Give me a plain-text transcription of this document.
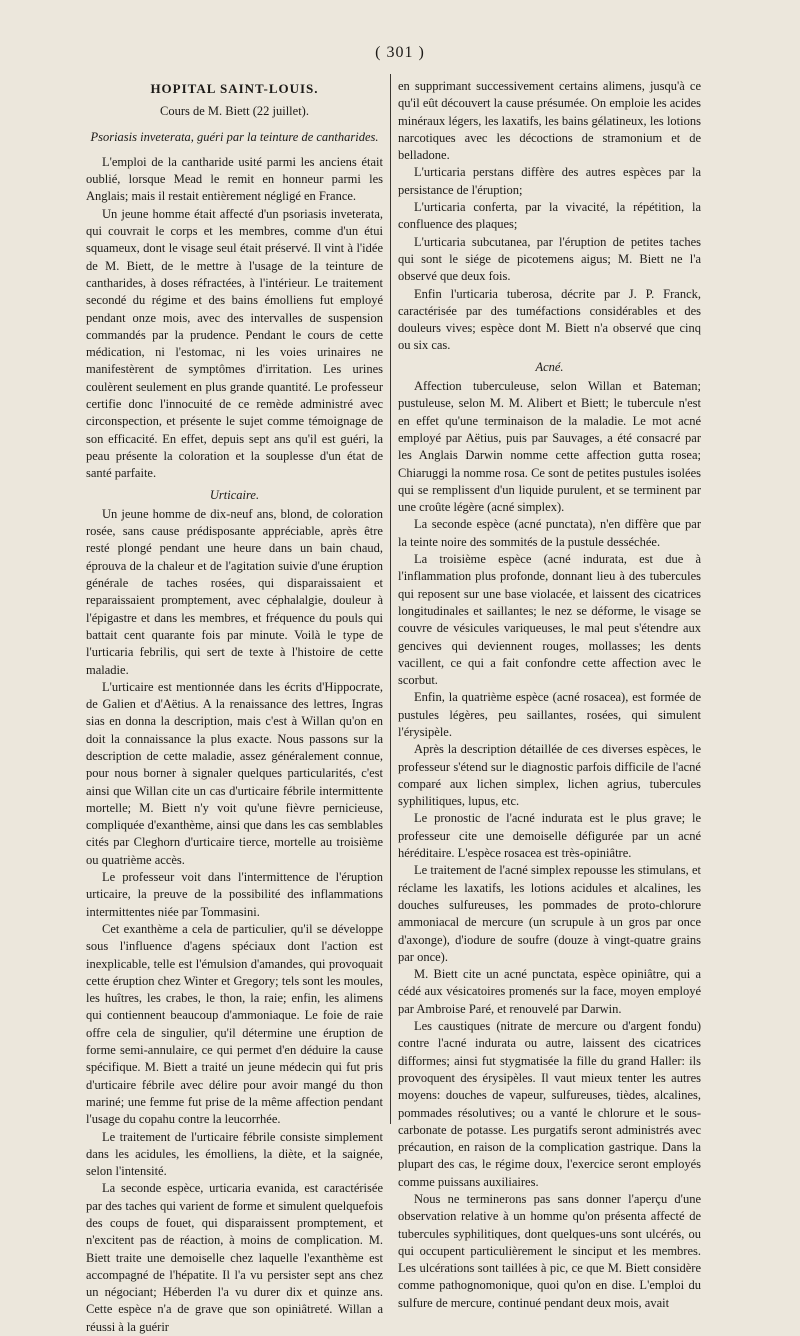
( 301 )
HOPITAL SAINT-LOUIS.
Cours de M. Biett (22 juillet).
Psoriasis inveterata, guéri par la teinture de cantharides.

L'emploi de la cantharide usité parmi les anciens était oublié, lorsque Mead le remit en honneur parmi les Anglais; mais il restait entièrement négligé en France.

Un jeune homme était affecté d'un psoriasis inveterata, qui couvrait le corps et les membres, comme d'un étui squameux, dont le visage seul était préservé. Il vint à l'idée de M. Biett, de le mettre à l'usage de la teinture de cantharides, à doses réfractées, à l'intérieur. Le traitement secondé du régime et des bains émolliens fut employé pendant onze mois, avec des intervalles de suspension commandés par la prudence. Pendant le cours de cette médication, ni l'estomac, ni les voies urinaires ne manifestèrent de symptômes d'irritation. Les urines coulèrent seulement en plus grande quantité. Le professeur certifie donc l'innocuité de ce remède administré avec circonspection, et présente le sujet comme témoignage de son efficacité. En effet, depuis sept ans qu'il est guéri, la peau présente la coloration et la souplesse d'un état de santé parfaite.

Urticaire.

Un jeune homme de dix-neuf ans, blond, de coloration rosée, sans cause prédisposante appréciable, après être resté plongé pendant une heure dans un bain chaud, éprouva de la chaleur et de l'agitation suivie d'une éruption générale de taches rosées, qui disparaissaient et reparaissaient promptement, avec céphalalgie, douleur à l'épigastre et dans les membres, et fréquence du pouls qui battait cent quarante fois par minute. Voilà le type de l'urticaria febrilis, qui sert de texte à l'histoire de cette maladie.

L'urticaire est mentionnée dans les écrits d'Hippocrate, de Galien et d'Aëtius. A la renaissance des lettres, Ingras sias en donna la description, mais c'est à Willan qu'on en doit la connaissance la plus exacte. Nous passons sur la description de cette maladie, assez généralement connue, pour nous borner à signaler quelques particularités, c'est ainsi que Willan cite un cas d'urticaire fébrile intermittente mortelle; M. Biett n'y voit qu'une fièvre pernicieuse, compliquée d'exanthème, ainsi que dans les cas semblables cités par Cleghorn d'urticaire tierce, mortelle au troisième ou quatrième accès.

Le professeur voit dans l'intermittence de l'éruption urticaire, la preuve de la possibilité des inflammations intermittentes niée par Tommasini.

Cet exanthème a cela de particulier, qu'il se développe sous l'influence d'agens spéciaux dont l'action est inexplicable, telle est l'émulsion d'amandes, qui provoquait cette éruption chez Winter et Gregory; tels sont les moules, les huîtres, les crabes, le thon, la raie; enfin, les alimens qui contiennent beaucoup d'ammoniaque. Le foie de raie offre cela de singulier, qu'il détermine une éruption de forme semi-annulaire, ce qui permet d'en déduire la cause spécifique. M. Biett a traité un jeune médecin qui fut pris d'urticaire fébrile avec délire pour avoir mangé du thon mariné; une femme fut prise de la même affection pendant l'usage du copahu contre la leucorrhée.

Le traitement de l'urticaire fébrile consiste simplement dans les acidules, les émolliens, la diète, et la saignée, selon l'intensité.

La seconde espèce, urticaria evanida, est caractérisée par des taches qui varient de forme et simulent quelquefois des coups de fouet, qui disparaissent promptement, et n'excitent pas de réaction, à moins de complication. M. Biett traite une demoiselle chez laquelle l'exanthème est accompagné de l'hépatite. Il l'a vu persister sept ans chez un négociant; Héberden l'a vu durer dix et quinze ans. Cette espèce n'a de grave que son opiniâtreté. Willan a réussi à la guérir

en supprimant successivement certains alimens, jusqu'à ce qu'il eût découvert la cause présumée. On emploie les acides minéraux légers, les laxatifs, les bains gélatineux, les lotions narcotiques avec les décoctions de stramonium et de belladone.

L'urticaria perstans diffère des autres espèces par la persistance de l'éruption;

L'urticaria conferta, par la vivacité, la répétition, la confluence des plaques;

L'urticaria subcutanea, par l'éruption de petites taches qui sont le siége de picotemens aigus; M. Biett ne l'a observé que deux fois.

Enfin l'urticaria tuberosa, décrite par J. P. Franck, caractérisée par des tuméfactions considérables et des douleurs vives; espèce dont M. Biett n'a observé que cinq ou six cas.

Acné.

Affection tuberculeuse, selon Willan et Bateman; pustuleuse, selon M. M. Alibert et Biett; le tubercule n'est en effet qu'une terminaison de la maladie. Le mot acné employé par Aëtius, puis par Sauvages, a été consacré par les Anglais Darwin nomme cette affection gutta rosea; Chiaruggi la nomme rosa. Ce sont de petites pustules isolées qui se remplissent d'un liquide purulent, et se terminent par une croûte légère (acné simplex).

La seconde espèce (acné punctata), n'en diffère que par la teinte noire des sommités de la pustule desséchée.

La troisième espèce (acné indurata, est due à l'inflammation plus profonde, donnant lieu à des tubercules qui reposent sur une base violacée, et laissent des cicatrices longitudinales et saillantes; le nez se déforme, le visage se couvre de vésicules variqueuses, le mal peut s'étendre aux gencives qui deviennent rouges, mollasses; les dents vacillent, ce qui a fait confondre cette affection avec le scorbut.

Enfin, la quatrième espèce (acné rosacea), est formée de pustules légères, peu saillantes, rosées, qui simulent l'érysipèle.

Après la description détaillée de ces diverses espèces, le professeur s'étend sur le diagnostic parfois difficile de l'acné comparé aux lichen simplex, lichen agrius, tubercules syphilitiques, lupus, etc.

Le pronostic de l'acné indurata est le plus grave; le professeur cite une demoiselle défigurée par un acné héréditaire. L'espèce rosacea est très-opiniâtre.

Le traitement de l'acné simplex repousse les stimulans, et réclame les laxatifs, les lotions acidules et alcalines, les douches sulfureuses, les pommades de proto-chlorure ammoniacal de mercure (un scrupule à un gros par once d'axonge), d'iodure de soufre (douze à vingt-quatre grains par once).

M. Biett cite un acné punctata, espèce opiniâtre, qui a cédé aux vésicatoires promenés sur la face, moyen employé par Ambroise Paré, et renouvelé par Darwin.

Les caustiques (nitrate de mercure ou d'argent fondu) contre l'acné indurata ou autre, laissent des cicatrices difformes; ainsi fut stygmatisée la fille du grand Haller: ils provoquent des érysipèles. Il vaut mieux tenter les autres moyens: douches de vapeur, sulfureuses, tièdes, alcalines, pommades résolutives; ou a vanté le chlorure et le sous-carbonate de potasse. Les purgatifs seront administrés avec précaution, en raison de la complication gastrique. Dans la plupart des cas, le régime doux, l'exercice seront employés comme puissans auxiliaires.

Nous ne terminerons pas sans donner l'aperçu d'une observation relative à un homme qu'on présenta affecté de tubercules syphilitiques, dont quelques-uns sont ulcérés, ou qui occupent particulièrement le sinciput et les membres. Les ulcérations sont taillées à pic, ce que M. Biett considère comme pathognomonique, quoi qu'on en dise. L'emploi du sulfure de mercure, continué pendant deux mois, avait
